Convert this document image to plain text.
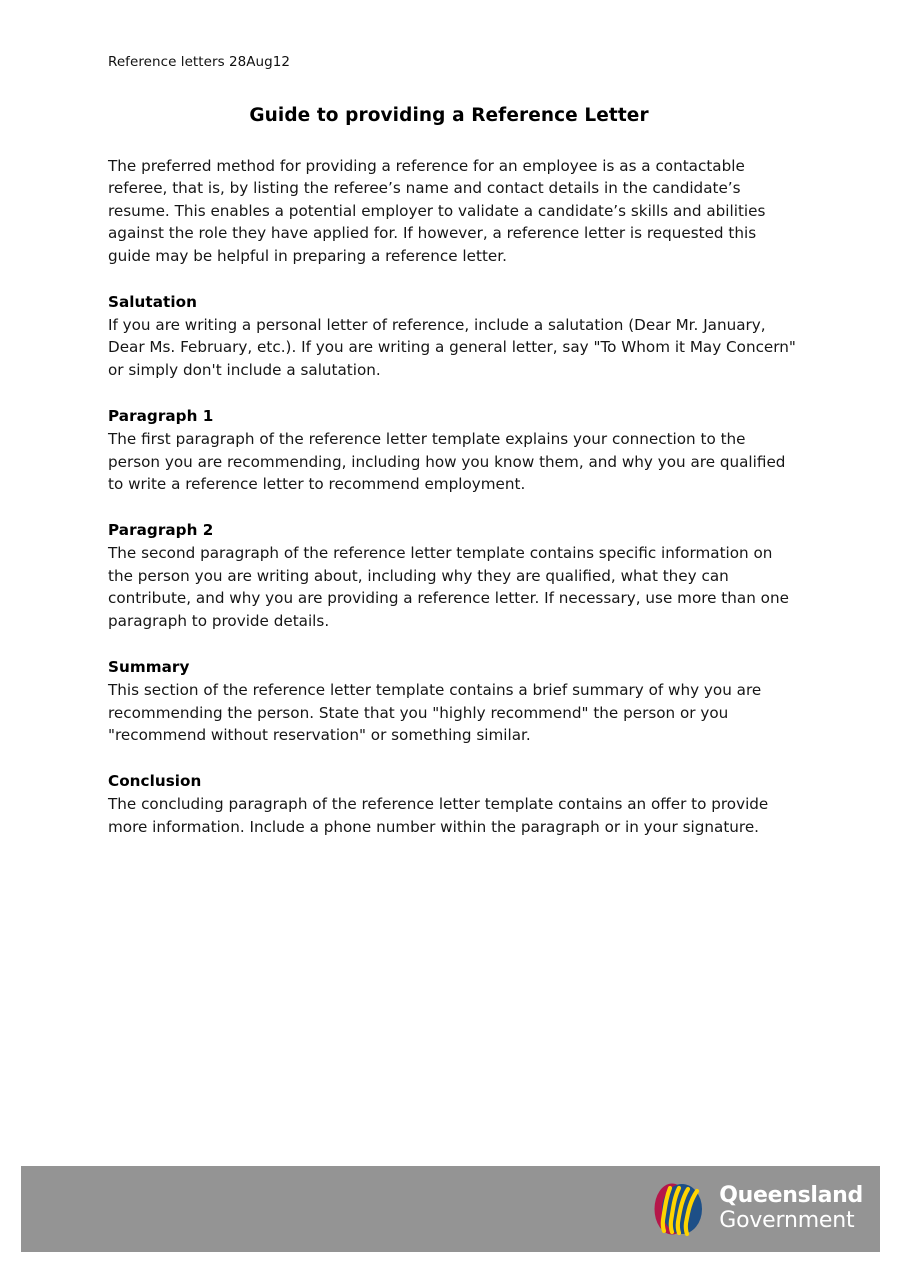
Reference letters 28Aug12
Guide to providing a Reference Letter

The preferred method for providing a reference for an employee is as a contactable referee, that is, by listing the referee’s name and contact details in the candidate’s resume. This enables a potential employer to validate a candidate’s skills and abilities against the role they have applied for. If however, a reference letter is requested this guide may be helpful in preparing a reference letter.

Salutation

If you are writing a personal letter of reference, include a salutation (Dear Mr. January, Dear Ms. February, etc.). If you are writing a general letter, say "To Whom it May Concern" or simply don't include a salutation.

Paragraph 1

The first paragraph of the reference letter template explains your connection to the person you are recommending, including how you know them, and why you are qualified to write a reference letter to recommend employment.

Paragraph 2

The second paragraph of the reference letter template contains specific information on the person you are writing about, including why they are qualified, what they can contribute, and why you are providing a reference letter. If necessary, use more than one paragraph to provide details.

Summary

This section of the reference letter template contains a brief summary of why you are recommending the person. State that you "highly recommend" the person or you "recommend without reservation" or something similar.

Conclusion

The concluding paragraph of the reference letter template contains an offer to provide more information. Include a phone number within the paragraph or in your signature.

Queensland
Government
